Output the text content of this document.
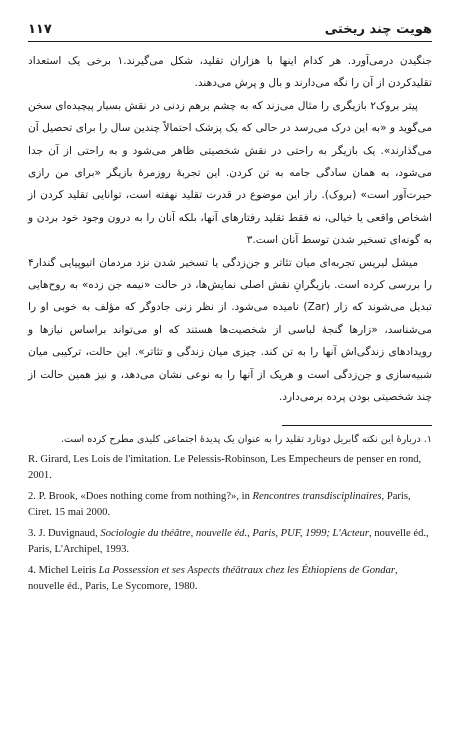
۱۱۷	هویت چند ریختی

جنگیدن درمی‌آورد. هر کدام اینها با هزاران تقلید، شکل می‌گیرند.۱ برخی یک استعداد تقلیدکردن از آن را نگه می‌دارند و بال و پرش می‌دهند.

پیتر بروک۲ بازیگری را مثال می‌زند که به چشم برهم زدنی در نقش بسیار پیچیده‌ای سخن می‌گوید و «به این درک می‌رسد در حالی که یک پزشک احتمالاً چندین سال را برای تحصیل آن می‌گذارند». یک بازیگر به راحتی در نقش شخصیتی ظاهر می‌شود و به راحتی از آن جدا می‌شود، به همان سادگی جامه به تن کردن. این تجربهٔ روزمرهٔ بازیگر «برای من رازی حیرت‌آور است» (بروک). راز این موضوع در قدرت تقلید نهفته است، توانایی تقلید کردن از اشخاص واقعی یا خیالی، نه فقط تقلید رفتارهای آنها، بلکه آنان را به درون وجود خود بردن و به گونه‌ای تسخیر شدن توسط آنان است.۳

میشل لیریس تجربه‌ای میان تئاتر و جن‌زدگی یا تسخیر شدن نزد مردمان اتیوپیایی گندار۴ را بررسی کرده است. بازیگرانِ نقش اصلی نمایش‌ها، در حالت «نیمه جن زده» به روح‌هایی تبدیل می‌شوند که زار (Zar) نامیده می‌شود. از نظر زنی جادوگر که مؤلف به خوبی او را می‌شناسد، «زارها گنجهٔ لباسی از شخصیت‌ها هستند که او می‌تواند براساس نیازها و رویدادهای زندگی‌اش آنها را به تن کند. چیزی میان زندگی و تئاتر». این حالت، ترکیبی میان شبیه‌سازی و جن‌زدگی است و هریک از آنها را به نوعی نشان می‌دهد، و نیز همین حالت از چند شخصیتی بودن پرده برمی‌دارد.

۱. دربارهٔ این نکته گابریل دوتارد تقلید را به عنوان یک پدیدهٔ اجتماعی کلیدی مطرح کرده است.

R. Girard, Les Lois de l'imitation. Le Pelessis-Robinson, Les Empecheurs de penser en rond, 2001.

2. P. Brook, «Does nothing come from nothing?», in Rencontres transdisciplinaires, Paris, Ciret. 15 mai 2000.

3. J. Duvignaud, Sociologie du théâtre, nouvelle éd., Paris, PUF, 1999; L'Acteur, nouvelle éd., Paris, L'Archipel, 1993.

4. Michel Leiris La Possession et ses Aspects théâtraux chez les Éthiopiens de Gondar, nouvelle éd., Paris, Le Sycomore, 1980.
